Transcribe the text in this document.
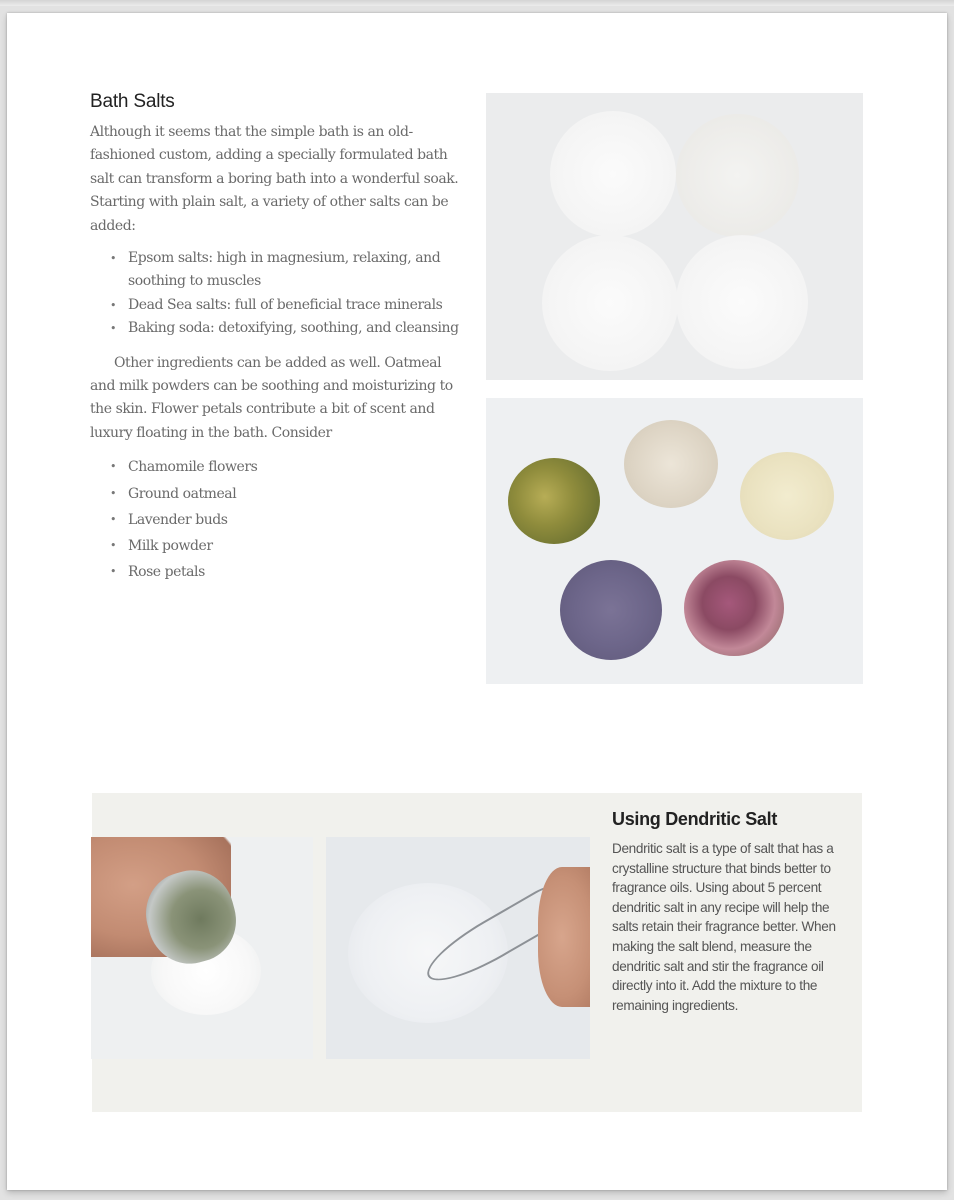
Bath Salts

Although it seems that the simple bath is an old-fashioned custom, adding a specially formulated bath salt can transform a boring bath into a wonderful soak. Starting with plain salt, a variety of other salts can be added:

• Epsom salts: high in magnesium, relaxing, and soothing to muscles
• Dead Sea salts: full of beneficial trace minerals
• Baking soda: detoxifying, soothing, and cleansing

Other ingredients can be added as well. Oatmeal and milk powders can be soothing and moisturizing to the skin. Flower petals contribute a bit of scent and luxury floating in the bath. Consider

• Chamomile flowers
• Ground oatmeal
• Lavender buds
• Milk powder
• Rose petals
Using Dendritic Salt

Dendritic salt is a type of salt that has a crystalline structure that binds better to fragrance oils. Using about 5 percent dendritic salt in any recipe will help the salts retain their fragrance better. When making the salt blend, measure the dendritic salt and stir the fragrance oil directly into it. Add the mixture to the remaining ingredients.
